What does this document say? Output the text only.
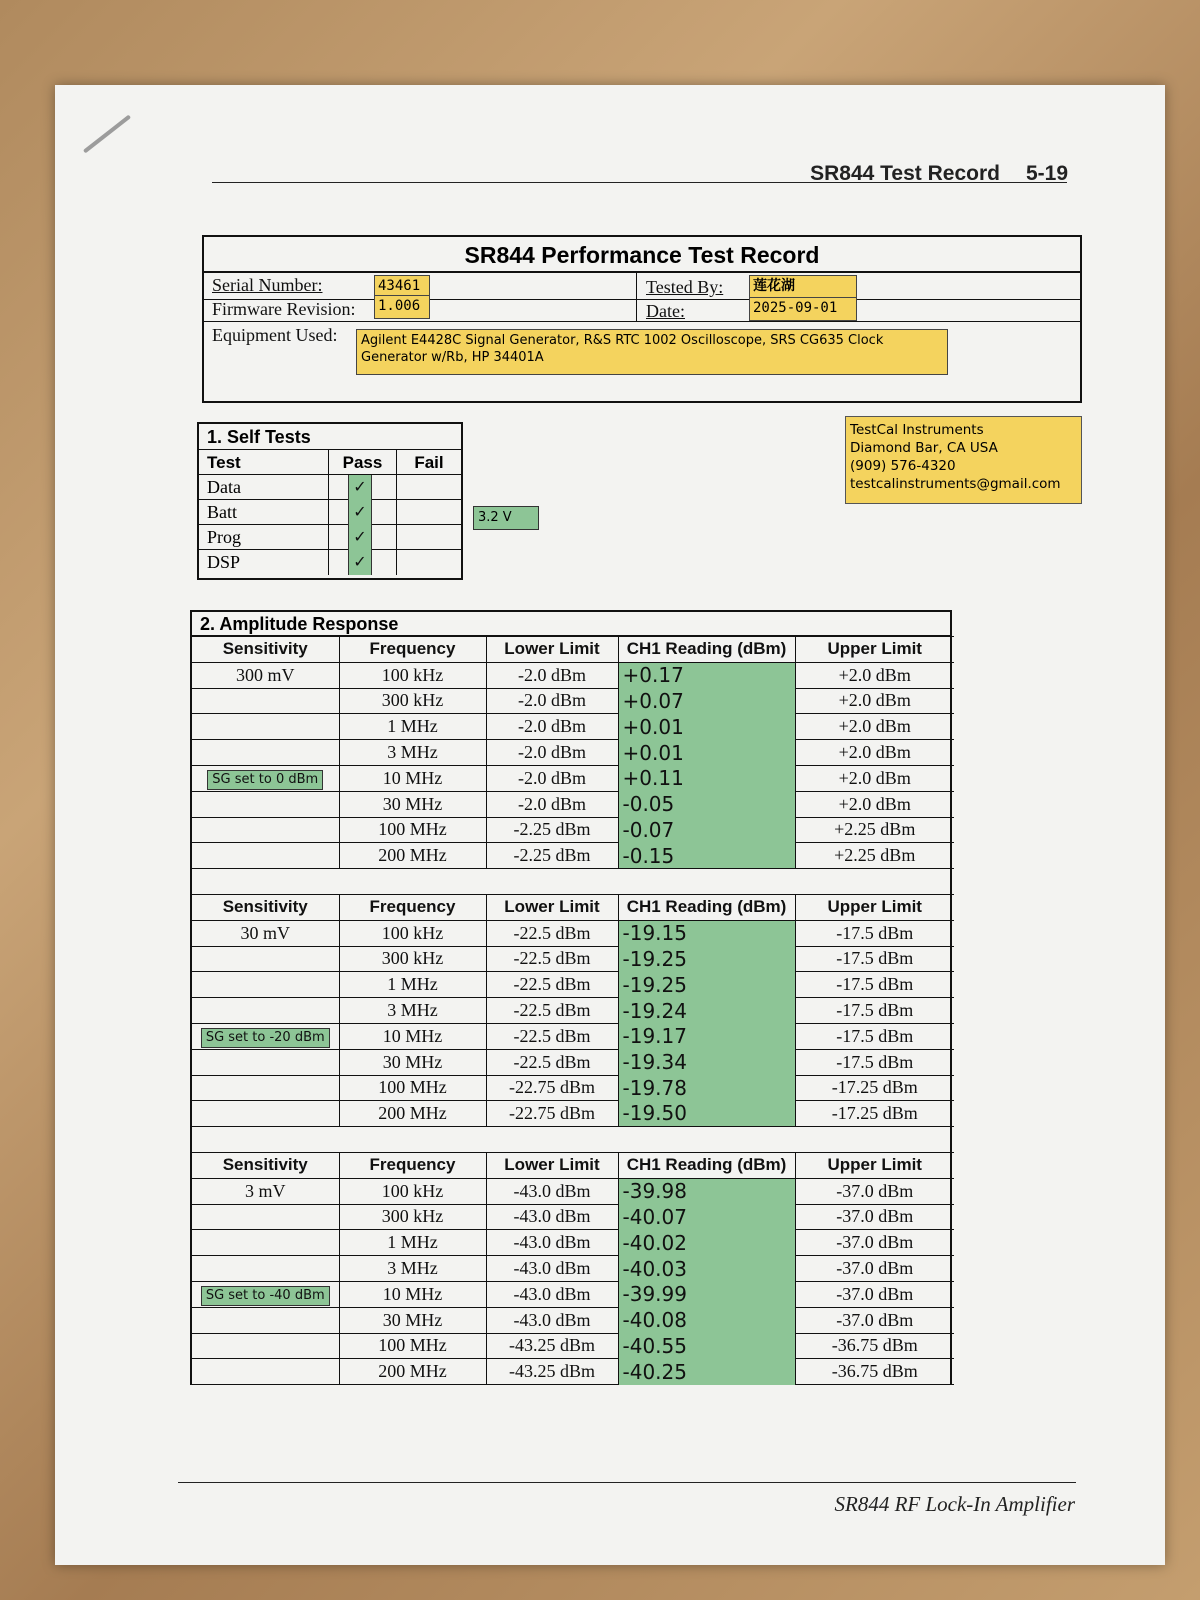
SR844 Test Record 5-19
SR844 Performance Test Record
Serial Number:	43461
Firmware Revision: 1.006
Tested By: 莲花湖
Date:	2025-09-01
Equipment Used:	Agilent E4428C Signal Generator, R&S RTC 1002 Oscilloscope, SRS CG635 Clock Generator w/Rb, HP 34401A
TestCal Instruments
Diamond Bar, CA USA
(909) 576-4320
testcalinstruments@gmail.com
1. Self Tests
Test	Pass	Fail
Data	✓
Batt	✓
Prog	✓
DSP	✓
3.2 V
2. Amplitude Response
Sensitivity	Frequency	Lower Limit	CH1 Reading (dBm)	Upper Limit
300 mV	100 kHz	-2.0 dBm	+0.17	+2.0 dBm
	300 kHz	-2.0 dBm	+0.07	+2.0 dBm
	1 MHz	-2.0 dBm	+0.01	+2.0 dBm
	3 MHz	-2.0 dBm	+0.01	+2.0 dBm
SG set to 0 dBm	10 MHz	-2.0 dBm	+0.11	+2.0 dBm
	30 MHz	-2.0 dBm	-0.05	+2.0 dBm
	100 MHz	-2.25 dBm	-0.07	+2.25 dBm
	200 MHz	-2.25 dBm	-0.15	+2.25 dBm

Sensitivity	Frequency	Lower Limit	CH1 Reading (dBm)	Upper Limit
30 mV	100 kHz	-22.5 dBm	-19.15	-17.5 dBm
	300 kHz	-22.5 dBm	-19.25	-17.5 dBm
	1 MHz	-22.5 dBm	-19.25	-17.5 dBm
	3 MHz	-22.5 dBm	-19.24	-17.5 dBm
SG set to -20 dBm	10 MHz	-22.5 dBm	-19.17	-17.5 dBm
	30 MHz	-22.5 dBm	-19.34	-17.5 dBm
	100 MHz	-22.75 dBm	-19.78	-17.25 dBm
	200 MHz	-22.75 dBm	-19.50	-17.25 dBm

Sensitivity	Frequency	Lower Limit	CH1 Reading (dBm)	Upper Limit
3 mV	100 kHz	-43.0 dBm	-39.98	-37.0 dBm
	300 kHz	-43.0 dBm	-40.07	-37.0 dBm
	1 MHz	-43.0 dBm	-40.02	-37.0 dBm
	3 MHz	-43.0 dBm	-40.03	-37.0 dBm
SG set to -40 dBm	10 MHz	-43.0 dBm	-39.99	-37.0 dBm
	30 MHz	-43.0 dBm	-40.08	-37.0 dBm
	100 MHz	-43.25 dBm	-40.55	-36.75 dBm
	200 MHz	-43.25 dBm	-40.25	-36.75 dBm
SR844 RF Lock-In Amplifier
